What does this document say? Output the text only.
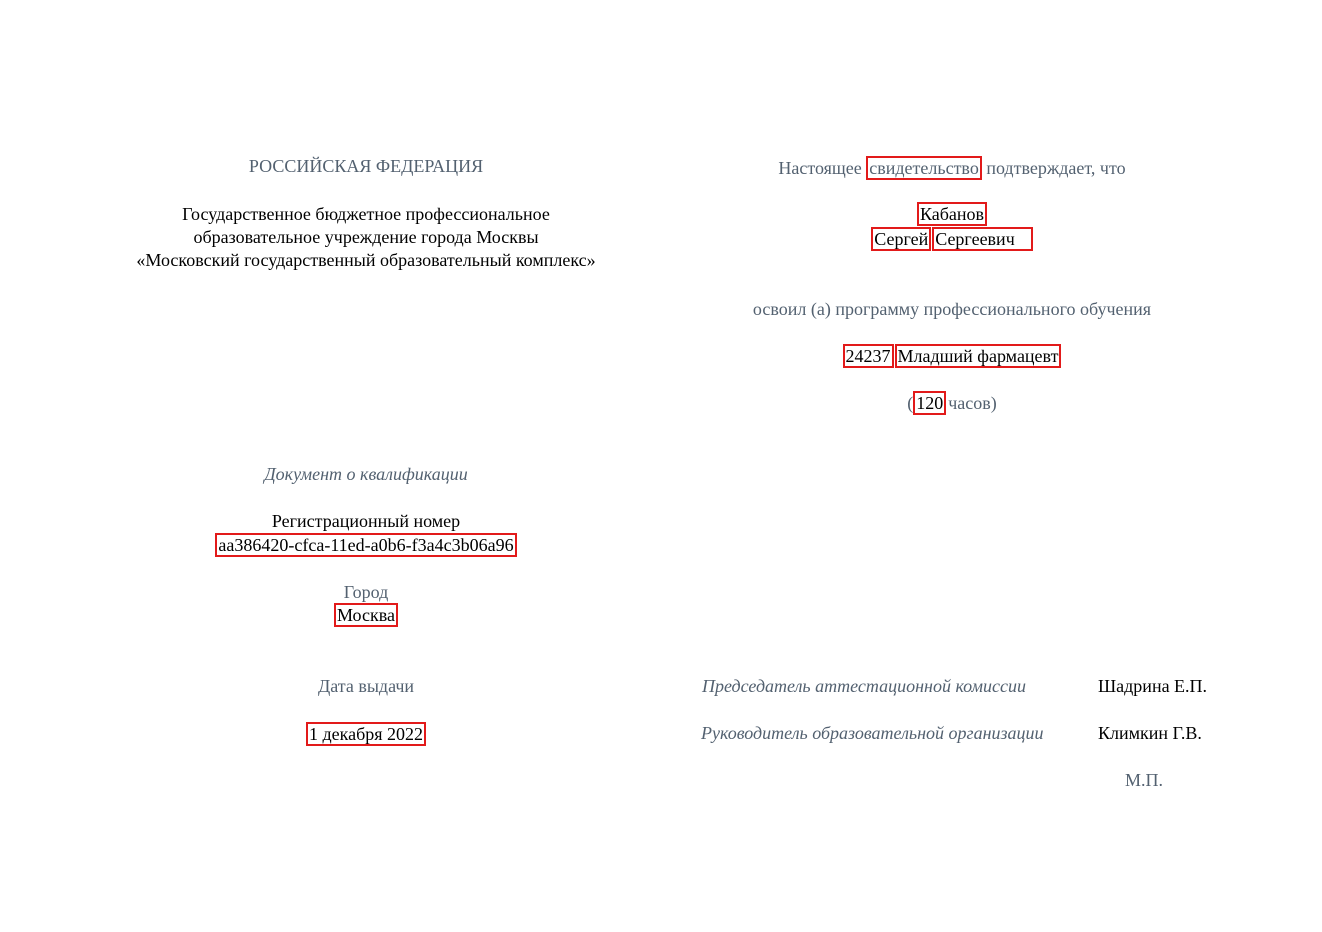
РОССИЙСКАЯ ФЕДЕРАЦИЯ
Государственное бюджетное профессиональное
образовательное учреждение города Москвы
«Московский государственный образовательный комплекс»
Документ о квалификации
Регистрационный номер
aa386420-cfca-11ed-a0b6-f3a4c3b06a96
Город
Москва
Дата выдачи
1 декабря 2022
Настоящее свидетельство подтверждает, что
Кабанов
Сергей Сергеевич
освоил (а) программу профессионального обучения
24237 Младший фармацевт
( 120 часов)
Председатель аттестационной комиссии	Шадрина Е.П.
Руководитель образовательной организации	Климкин Г.В.
М.П.
